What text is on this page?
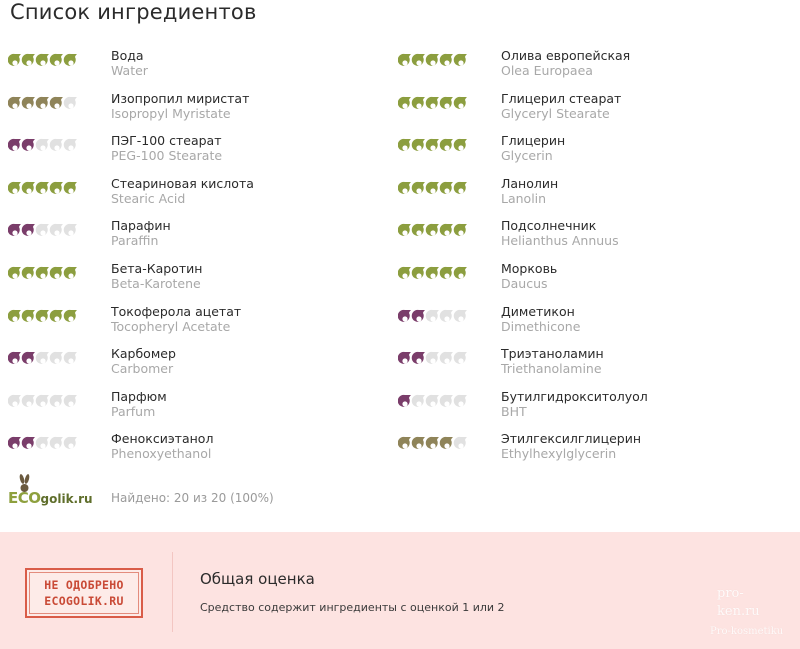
Список ингредиентов
Вода
Water
Изопропил миристат
Isopropyl Myristate
ПЭГ-100 стеарат
PEG-100 Stearate
Стеариновая кислота
Stearic Acid
Парафин
Paraffin
Бета-Каротин
Beta-Karotene
Токоферола ацетат
Tocopheryl Acetate
Карбомер
Carbomer
Парфюм
Parfum
Феноксиэтанол
Phenoxyethanol
Олива европейская
Olea Europaea
Глицерил стеарат
Glyceryl Stearate
Глицерин
Glycerin
Ланолин
Lanolin
Подсолнечник
Helianthus Annuus
Морковь
Daucus
Диметикон
Dimethicone
Триэтаноламин
Triethanolamine
Бутилгидрокситолуол
BHT
Этилгексилглицерин
Ethylhexylglycerin
ECOgolik.ru Найдено: 20 из 20 (100%)
НЕ ОДОБРЕНО
ECOGOLIK.RU
Общая оценка
Средство содержит ингредиенты с оценкой 1 или 2
pro-
ken.ru
Pro-kosmetiku
